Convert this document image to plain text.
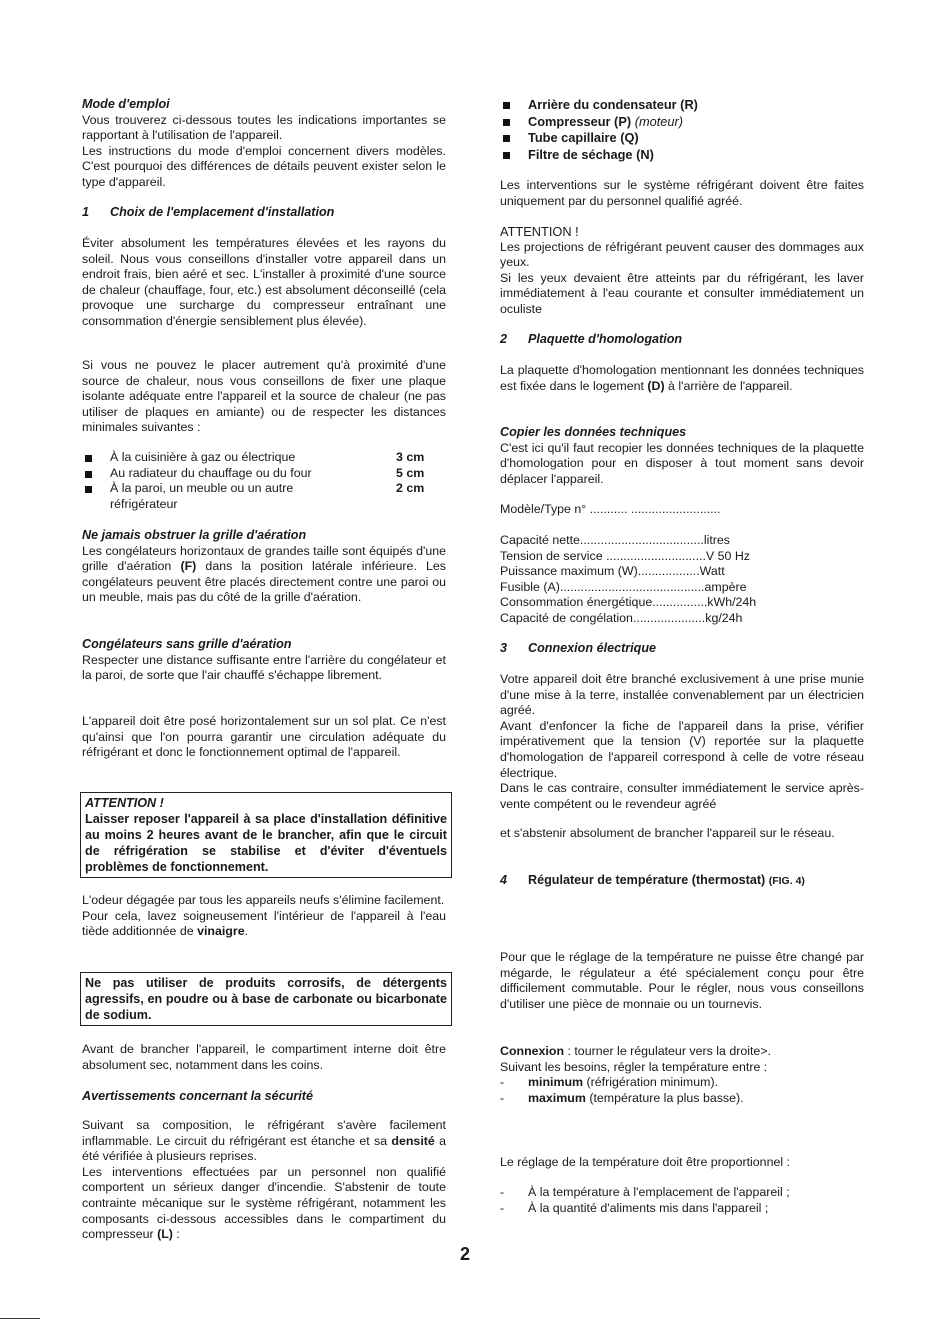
Mode d'emploi

Vous trouverez ci-dessous toutes les indications importantes se rapportant à l'utilisation de l'appareil.

Les instructions du mode d'emploi concernent divers modèles. C'est pourquoi des différences de détails peuvent exister selon le type d'appareil.

1 Choix de l'emplacement d'installation

Éviter absolument les températures élevées et les rayons du soleil. Nous vous conseillons d'installer votre appareil dans un endroit frais, bien aéré et sec. L'installer à proximité d'une source de chaleur (chauffage, four, etc.) est absolument déconseillé (cela provoque une surcharge du compresseur entraînant une consommation d'énergie sensiblement plus élevée).

Si vous ne pouvez le placer autrement qu'à proximité d'une source de chaleur, nous vous conseillons de fixer une plaque isolante adéquate entre l'appareil et la source de chaleur (ne pas utiliser de plaques en amiante) ou de respecter les distances minimales suivantes :

À la cuisinière à gaz ou électrique	3 cm
Au radiateur du chauffage ou du four	5 cm
À la paroi, un meuble ou un autre réfrigérateur
2 cm

Ne jamais obstruer la grille d'aération

Les congélateurs horizontaux de grandes taille sont équipés d'une grille d'aération (F) dans la position latérale inférieure. Les congélateurs peuvent être placés directement contre une paroi ou un meuble, mais pas du côté de la grille d'aération.

Congélateurs sans grille d'aération

Respecter une distance suffisante entre l'arrière du congélateur et la paroi, de sorte que l'air chauffé s'échappe librement.

L'appareil doit être posé horizontalement sur un sol plat. Ce n'est qu'ainsi que l'on pourra garantir une circulation adéquate du réfrigérant et donc le fonctionnement optimal de l'appareil.

ATTENTION !
Laisser reposer l'appareil à sa place d'installation définitive au moins 2 heures avant de le brancher, afin que le circuit de réfrigération se stabilise et d'éviter d'éventuels problèmes de fonctionnement.

L'odeur dégagée par tous les appareils neufs s'élimine facilement.

Pour cela, lavez soigneusement l'intérieur de l'appareil à l'eau tiède additionnée de vinaigre.

Ne pas utiliser de produits corrosifs, de détergents agressifs, en poudre ou à base de carbonate ou bicarbonate de sodium.

Avant de brancher l'appareil, le compartiment interne doit être absolument sec, notamment dans les coins.

Avertissements concernant la sécurité

Suivant sa composition, le réfrigérant s'avère facilement inflammable. Le circuit du réfrigérant est étanche et sa densité a été vérifiée à plusieurs reprises.

Les interventions effectuées par un personnel non qualifié comportent un sérieux danger d'incendie. S'abstenir de toute contrainte mécanique sur le système réfrigérant, notamment les composants ci-dessous accessibles dans le compartiment du compresseur (L) :

Arrière du condensateur (R)
Compresseur (P) (moteur)
Tube capillaire (Q)
Filtre de séchage (N)

Les interventions sur le système réfrigérant doivent être faites uniquement par du personnel qualifié agréé.

ATTENTION !

Les projections de réfrigérant peuvent causer des dommages aux yeux.

Si les yeux devaient être atteints par du réfrigérant, les laver immédiatement à l'eau courante et consulter immédiatement un oculiste

2 Plaquette d'homologation

La plaquette d'homologation mentionnant les données techniques est fixée dans le logement (D) à l'arrière de l'appareil.

Copier les données techniques

C'est ici qu'il faut recopier les données techniques de la plaquette d'homologation pour en disposer à tout moment sans devoir déplacer l'appareil.

Modèle/Type n° ........... ..........................

Capacité nette....................................litres
Tension de service .............................V 50 Hz
Puissance maximum (W)..................Watt
Fusible (A)..........................................ampère
Consommation énergétique................kWh/24h
Capacité de congélation.....................kg/24h
3 Connexion électrique

Votre appareil doit être branché exclusivement à une prise munie d'une mise à la terre, installée convenablement par un électricien agréé.

Avant d'enfoncer la fiche de l'appareil dans la prise, vérifier impérativement que la tension (V) reportée sur la plaquette d'homologation de l'appareil correspond à celle de votre réseau électrique.

Dans le cas contraire, consulter immédiatement le service après-vente compétent ou le revendeur agréé

et s'abstenir absolument de brancher l'appareil sur le réseau.

4 Régulateur de température (thermostat) (FIG. 4)

Pour que le réglage de la température ne puisse être changé par mégarde, le régulateur a été spécialement conçu pour être difficilement commutable. Pour le régler, nous vous conseillons d'utiliser une pièce de monnaie ou un tournevis.

Connexion : tourner le régulateur vers la droite>.

Suivant les besoins, régler la température entre :

- minimum (réfrigération minimum).
- maximum (température la plus basse).

Le réglage de la température doit être proportionnel :

- À la température à l'emplacement de l'appareil ;
- À la quantité d'aliments mis dans l'appareil ;
2
